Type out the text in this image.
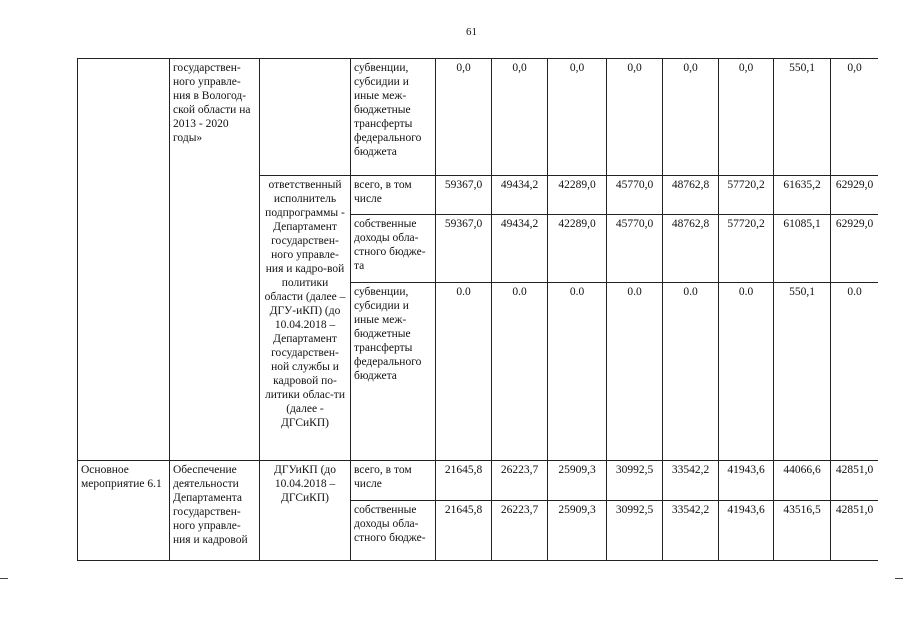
61
	государствен-ного управле-ния в Вологод-ской области на 2013 - 2020 годы»		субвенции, субсидии и иные меж-бюджетные трансферты федерального бюджета	0,0	0,0	0,0	0,0	0,0	0,0	550,1	0,0
		ответственный исполнитель подпрограммы - Департамент государствен-ного управле-ния и кадро-вой политики области (далее – ДГУ-иКП) (до 10.04.2018 – Департамент государствен-ной службы и кадровой по-литики облас-ти (далее - ДГСиКП)	всего, в том числе	59367,0	49434,2	42289,0	45770,0	48762,8	57720,2	61635,2	62929,0
			собственные доходы обла-стного бюдже-та	59367,0	49434,2	42289,0	45770,0	48762,8	57720,2	61085,1	62929,0
			субвенции, субсидии и иные меж-бюджетные трансферты федерального бюджета	0.0	0.0	0.0	0.0	0.0	0.0	550,1	0.0
Основное мероприятие 6.1	Обеспечение деятельности Департамента государствен-ного управле-ния и кадровой	ДГУиКП (до 10.04.2018 – ДГСиКП)	всего, в том числе	21645,8	26223,7	25909,3	30992,5	33542,2	41943,6	44066,6	42851,0
			собственные доходы обла-стного бюдже-	21645,8	26223,7	25909,3	30992,5	33542,2	41943,6	43516,5	42851,0
